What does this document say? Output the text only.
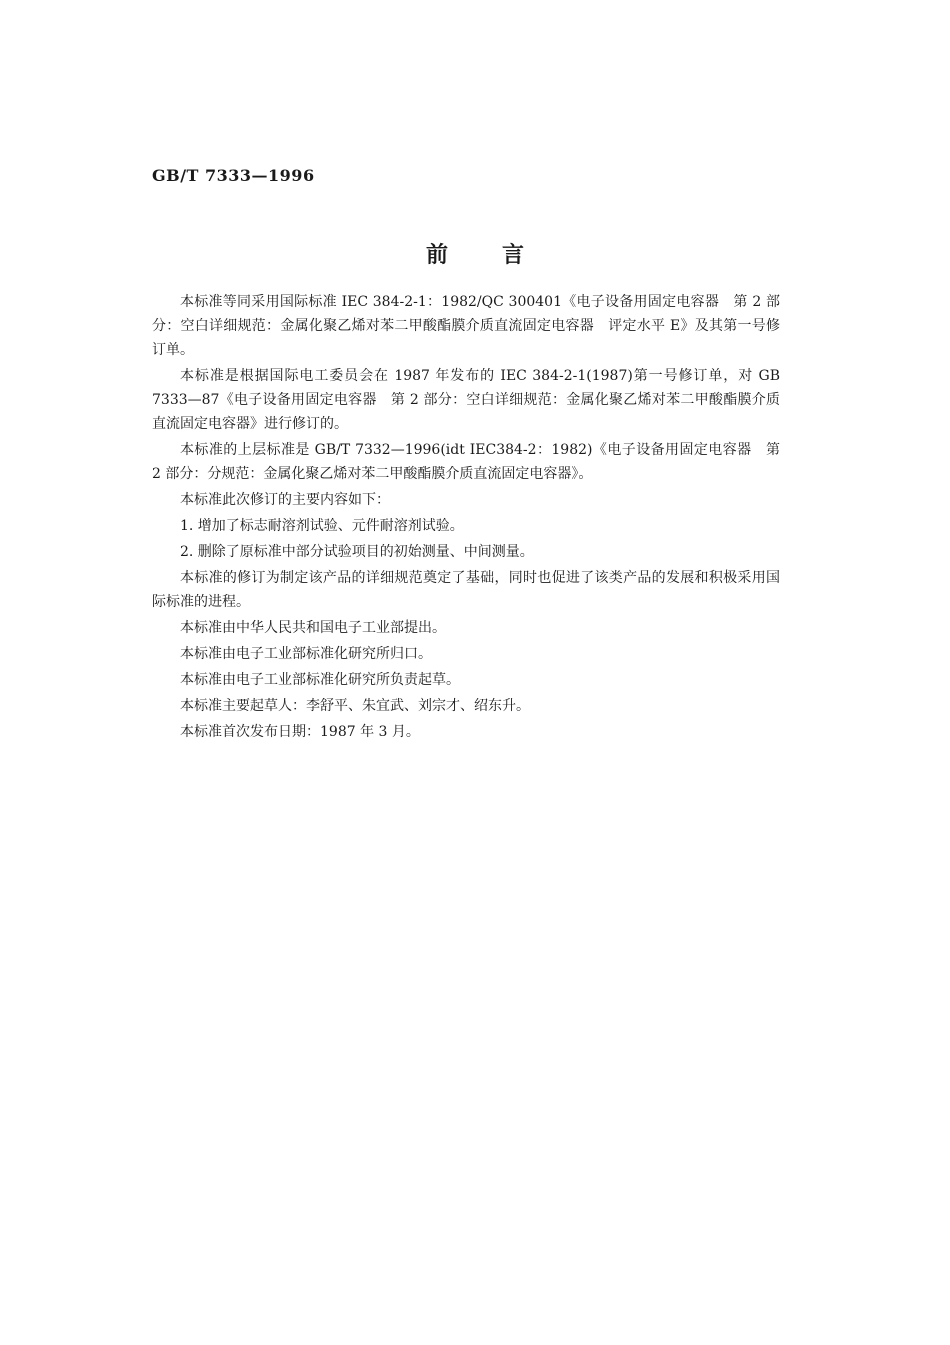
GB/T 7333—1996
前言

本标准等同采用国际标准 IEC 384-2-1：1982/QC 300401《电子设备用固定电容器　第 2 部分：空白详细规范：金属化聚乙烯对苯二甲酸酯膜介质直流固定电容器　评定水平 E》及其第一号修订单。

本标准是根据国际电工委员会在 1987 年发布的 IEC 384-2-1(1987)第一号修订单，对 GB 7333—87《电子设备用固定电容器　第 2 部分：空白详细规范：金属化聚乙烯对苯二甲酸酯膜介质直流固定电容器》进行修订的。

本标准的上层标准是 GB/T 7332—1996(idt IEC384-2：1982)《电子设备用固定电容器　第 2 部分：分规范：金属化聚乙烯对苯二甲酸酯膜介质直流固定电容器》。

本标准此次修订的主要内容如下：

1. 增加了标志耐溶剂试验、元件耐溶剂试验。

2. 删除了原标准中部分试验项目的初始测量、中间测量。

本标准的修订为制定该产品的详细规范奠定了基础，同时也促进了该类产品的发展和积极采用国际标准的进程。

本标准由中华人民共和国电子工业部提出。

本标准由电子工业部标准化研究所归口。

本标准由电子工业部标准化研究所负责起草。

本标准主要起草人：李舒平、朱宜武、刘宗才、绍东升。

本标准首次发布日期：1987 年 3 月。
